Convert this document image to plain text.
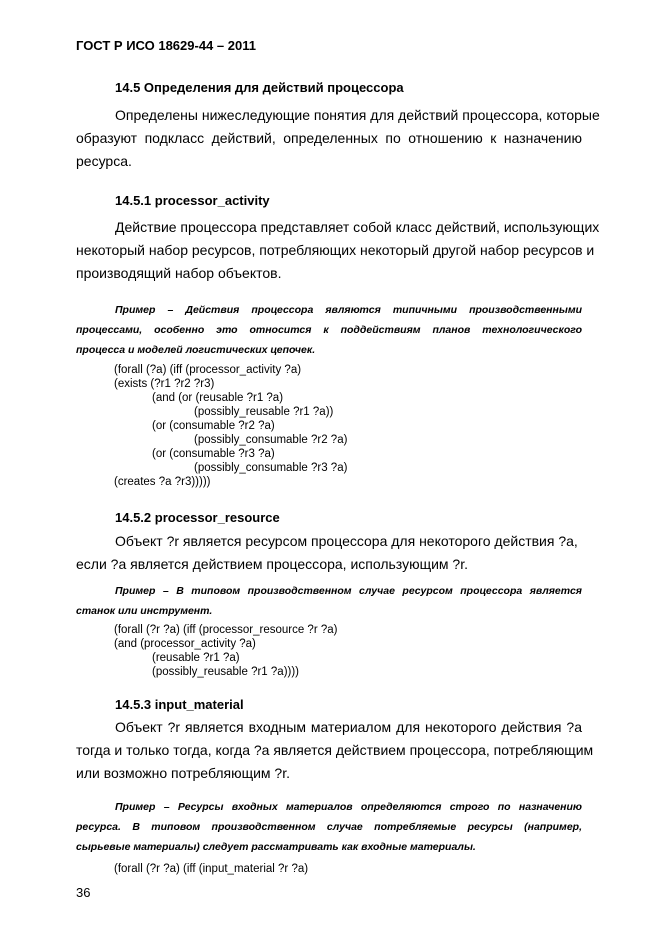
ГОСТ Р ИСО 18629-44 – 2011
14.5 Определения для действий процессора
Определены нижеследующие понятия для действий процессора, которые
образуют подкласс действий, определенных по отношению к назначению
ресурса.
14.5.1 processor_activity
Действие процессора представляет собой класс действий, использующих
некоторый набор ресурсов, потребляющих некоторый другой набор ресурсов и
производящий набор объектов.
Пример – Действия процессора являются типичными производственными
процессами, особенно это относится к поддействиям планов технологического
процесса и моделей логистических цепочек.
(forall (?a) (iff (processor_activity ?a)
(exists (?r1 ?r2 ?r3)
(and (or (reusable ?r1 ?a)
(possibly_reusable ?r1 ?a))
(or (consumable ?r2 ?a)
(possibly_consumable ?r2 ?a)
(or (consumable ?r3 ?a)
(possibly_consumable ?r3 ?a)
(creates ?a ?r3)))))
14.5.2 processor_resource
Объект ?r является ресурсом процессора для некоторого действия ?a,
если ?a является действием процессора, использующим ?r.
Пример – В типовом производственном случае ресурсом процессора является
станок или инструмент.
(forall (?r ?a) (iff (processor_resource ?r ?a)
(and (processor_activity ?a)
(reusable ?r1 ?a)
(possibly_reusable ?r1 ?a))))
14.5.3 input_material
Объект ?r является входным материалом для некоторого действия ?a
тогда и только тогда, когда ?a является действием процессора, потребляющим
или возможно потребляющим ?r.
Пример – Ресурсы входных материалов определяются строго по назначению
ресурса. В типовом производственном случае потребляемые ресурсы (например,
сырьевые материалы) следует рассматривать как входные материалы.
(forall (?r ?a) (iff (input_material ?r ?a)
36
